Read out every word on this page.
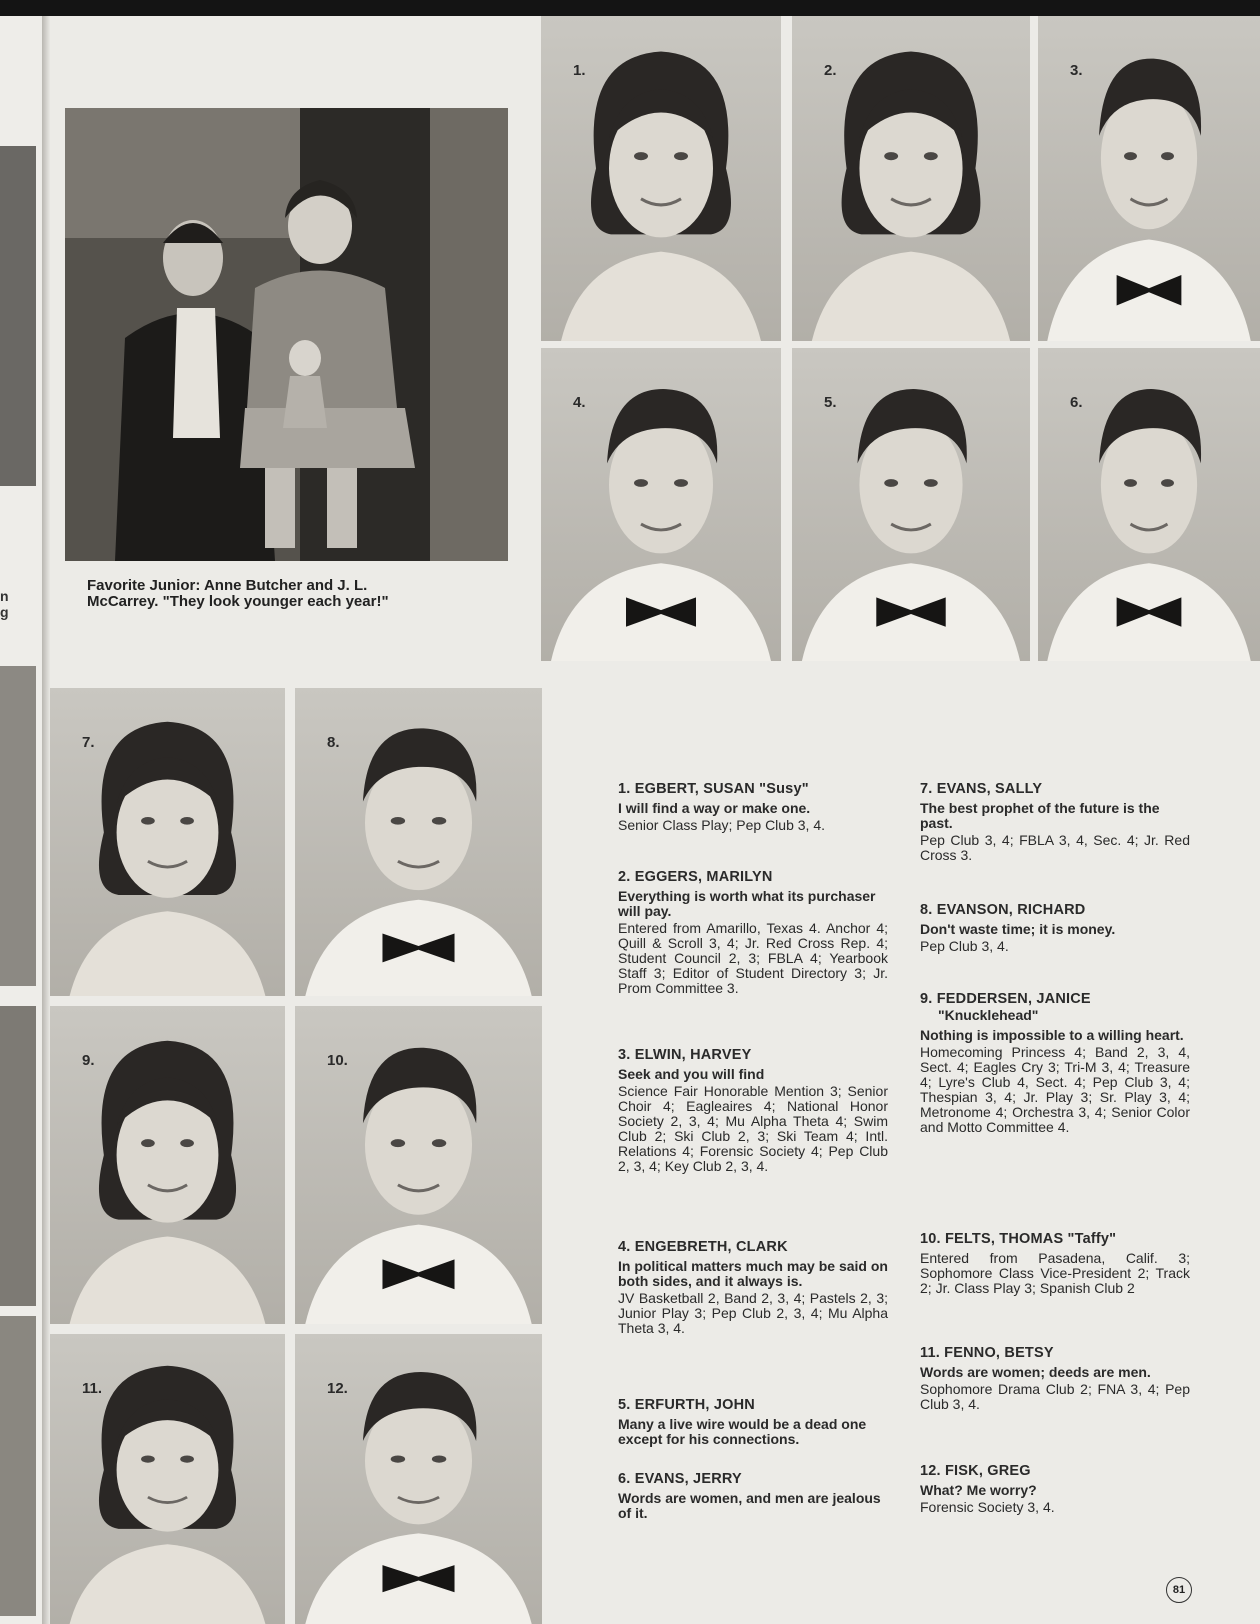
n
g
Favorite Junior: Anne Butcher and J. L. McCarrey. "They look younger each year!"
1.	2.	3.
4.	5.	6.
7.	8.
9.	10.
11.	12.
1. EGBERT, SUSAN "Susy"
I will find a way or make one.
Senior Class Play; Pep Club 3, 4.
2. EGGERS, MARILYN
Everything is worth what its purchaser will pay.
Entered from Amarillo, Texas 4. Anchor 4; Quill & Scroll 3, 4; Jr. Red Cross Rep. 4; Student Council 2, 3; FBLA 4; Yearbook Staff 3; Editor of Student Directory 3; Jr. Prom Committee 3.
3. ELWIN, HARVEY
Seek and you will find
Science Fair Honorable Mention 3; Senior Choir 4; Eagleaires 4; National Honor Society 2, 3, 4; Mu Alpha Theta 4; Swim Club 2; Ski Club 2, 3; Ski Team 4; Intl. Relations 4; Forensic Society 4; Pep Club 2, 3, 4; Key Club 2, 3, 4.
4. ENGEBRETH, CLARK
In political matters much may be said on both sides, and it always is.
JV Basketball 2, Band 2, 3, 4; Pastels 2, 3; Junior Play 3; Pep Club 2, 3, 4; Mu Alpha Theta 3, 4.
5. ERFURTH, JOHN
Many a live wire would be a dead one except for his connections.
6. EVANS, JERRY
Words are women, and men are jealous of it.
7. EVANS, SALLY
The best prophet of the future is the past.
Pep Club 3, 4; FBLA 3, 4, Sec. 4; Jr. Red Cross 3.
8. EVANSON, RICHARD
Don't waste time; it is money.
Pep Club 3, 4.
9. FEDDERSEN, JANICE
"Knucklehead"
Nothing is impossible to a willing heart.
Homecoming Princess 4; Band 2, 3, 4, Sect. 4; Eagles Cry 3; Tri-M 3, 4; Treasure 4; Lyre's Club 4, Sect. 4; Pep Club 3, 4; Thespian 3, 4; Jr. Play 3; Sr. Play 3, 4; Metronome 4; Orchestra 3, 4; Senior Color and Motto Committee 4.
10. FELTS, THOMAS "Taffy"
Entered from Pasadena, Calif. 3; Sophomore Class Vice-President 2; Track 2; Jr. Class Play 3; Spanish Club 2
11. FENNO, BETSY
Words are women; deeds are men.
Sophomore Drama Club 2; FNA 3, 4; Pep Club 3, 4.
12. FISK, GREG
What? Me worry?
Forensic Society 3, 4.
81
